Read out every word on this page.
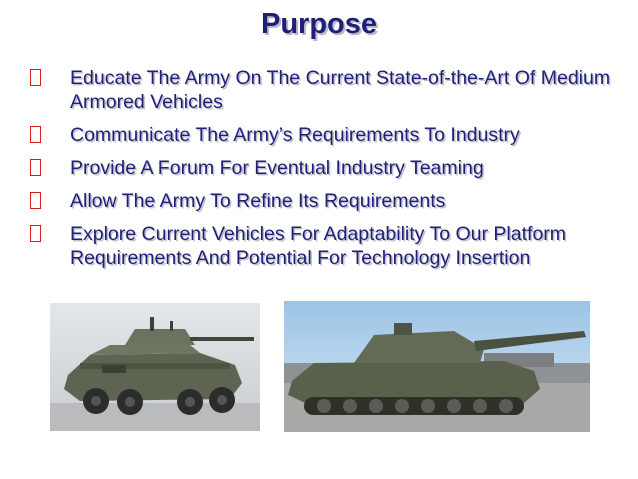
Purpose
Educate The Army On The Current State-of-the-Art Of Medium Armored Vehicles
Communicate The Army’s Requirements To Industry
Provide A Forum For Eventual Industry Teaming
Allow The Army To Refine Its Requirements
Explore Current Vehicles For Adaptability To Our Platform Requirements And Potential For Technology Insertion
